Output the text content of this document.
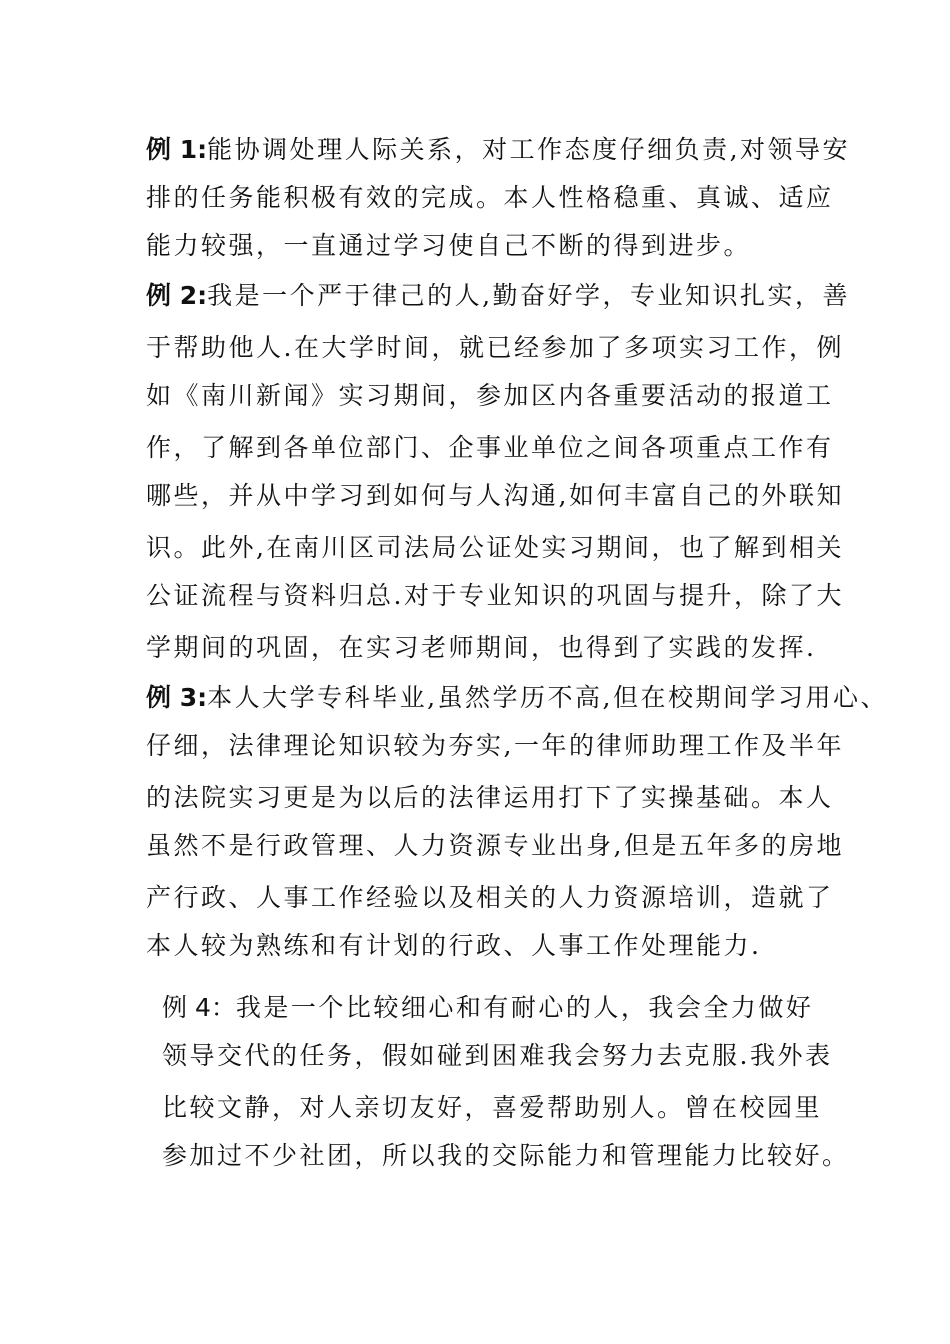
例 1:能协调处理人际关系，对工作态度仔细负责,对领导安
排的任务能积极有效的完成。本人性格稳重、真诚、适应
能力较强，一直通过学习使自己不断的得到进步。
例 2:我是一个严于律己的人,勤奋好学，专业知识扎实，善
于帮助他人.在大学时间，就已经参加了多项实习工作，例
如《南川新闻》实习期间，参加区内各重要活动的报道工
作，了解到各单位部门、企事业单位之间各项重点工作有
哪些，并从中学习到如何与人沟通,如何丰富自己的外联知
识。此外,在南川区司法局公证处实习期间，也了解到相关
公证流程与资料归总.对于专业知识的巩固与提升，除了大
学期间的巩固，在实习老师期间，也得到了实践的发挥.
例 3:本人大学专科毕业,虽然学历不高,但在校期间学习用心、
仔细，法律理论知识较为夯实,一年的律师助理工作及半年
的法院实习更是为以后的法律运用打下了实操基础。本人
虽然不是行政管理、人力资源专业出身,但是五年多的房地
产行政、人事工作经验以及相关的人力资源培训，造就了
本人较为熟练和有计划的行政、人事工作处理能力.
例 4：我是一个比较细心和有耐心的人，我会全力做好
领导交代的任务，假如碰到困难我会努力去克服.我外表
比较文静，对人亲切友好，喜爱帮助别人。曾在校园里
参加过不少社团，所以我的交际能力和管理能力比较好。
